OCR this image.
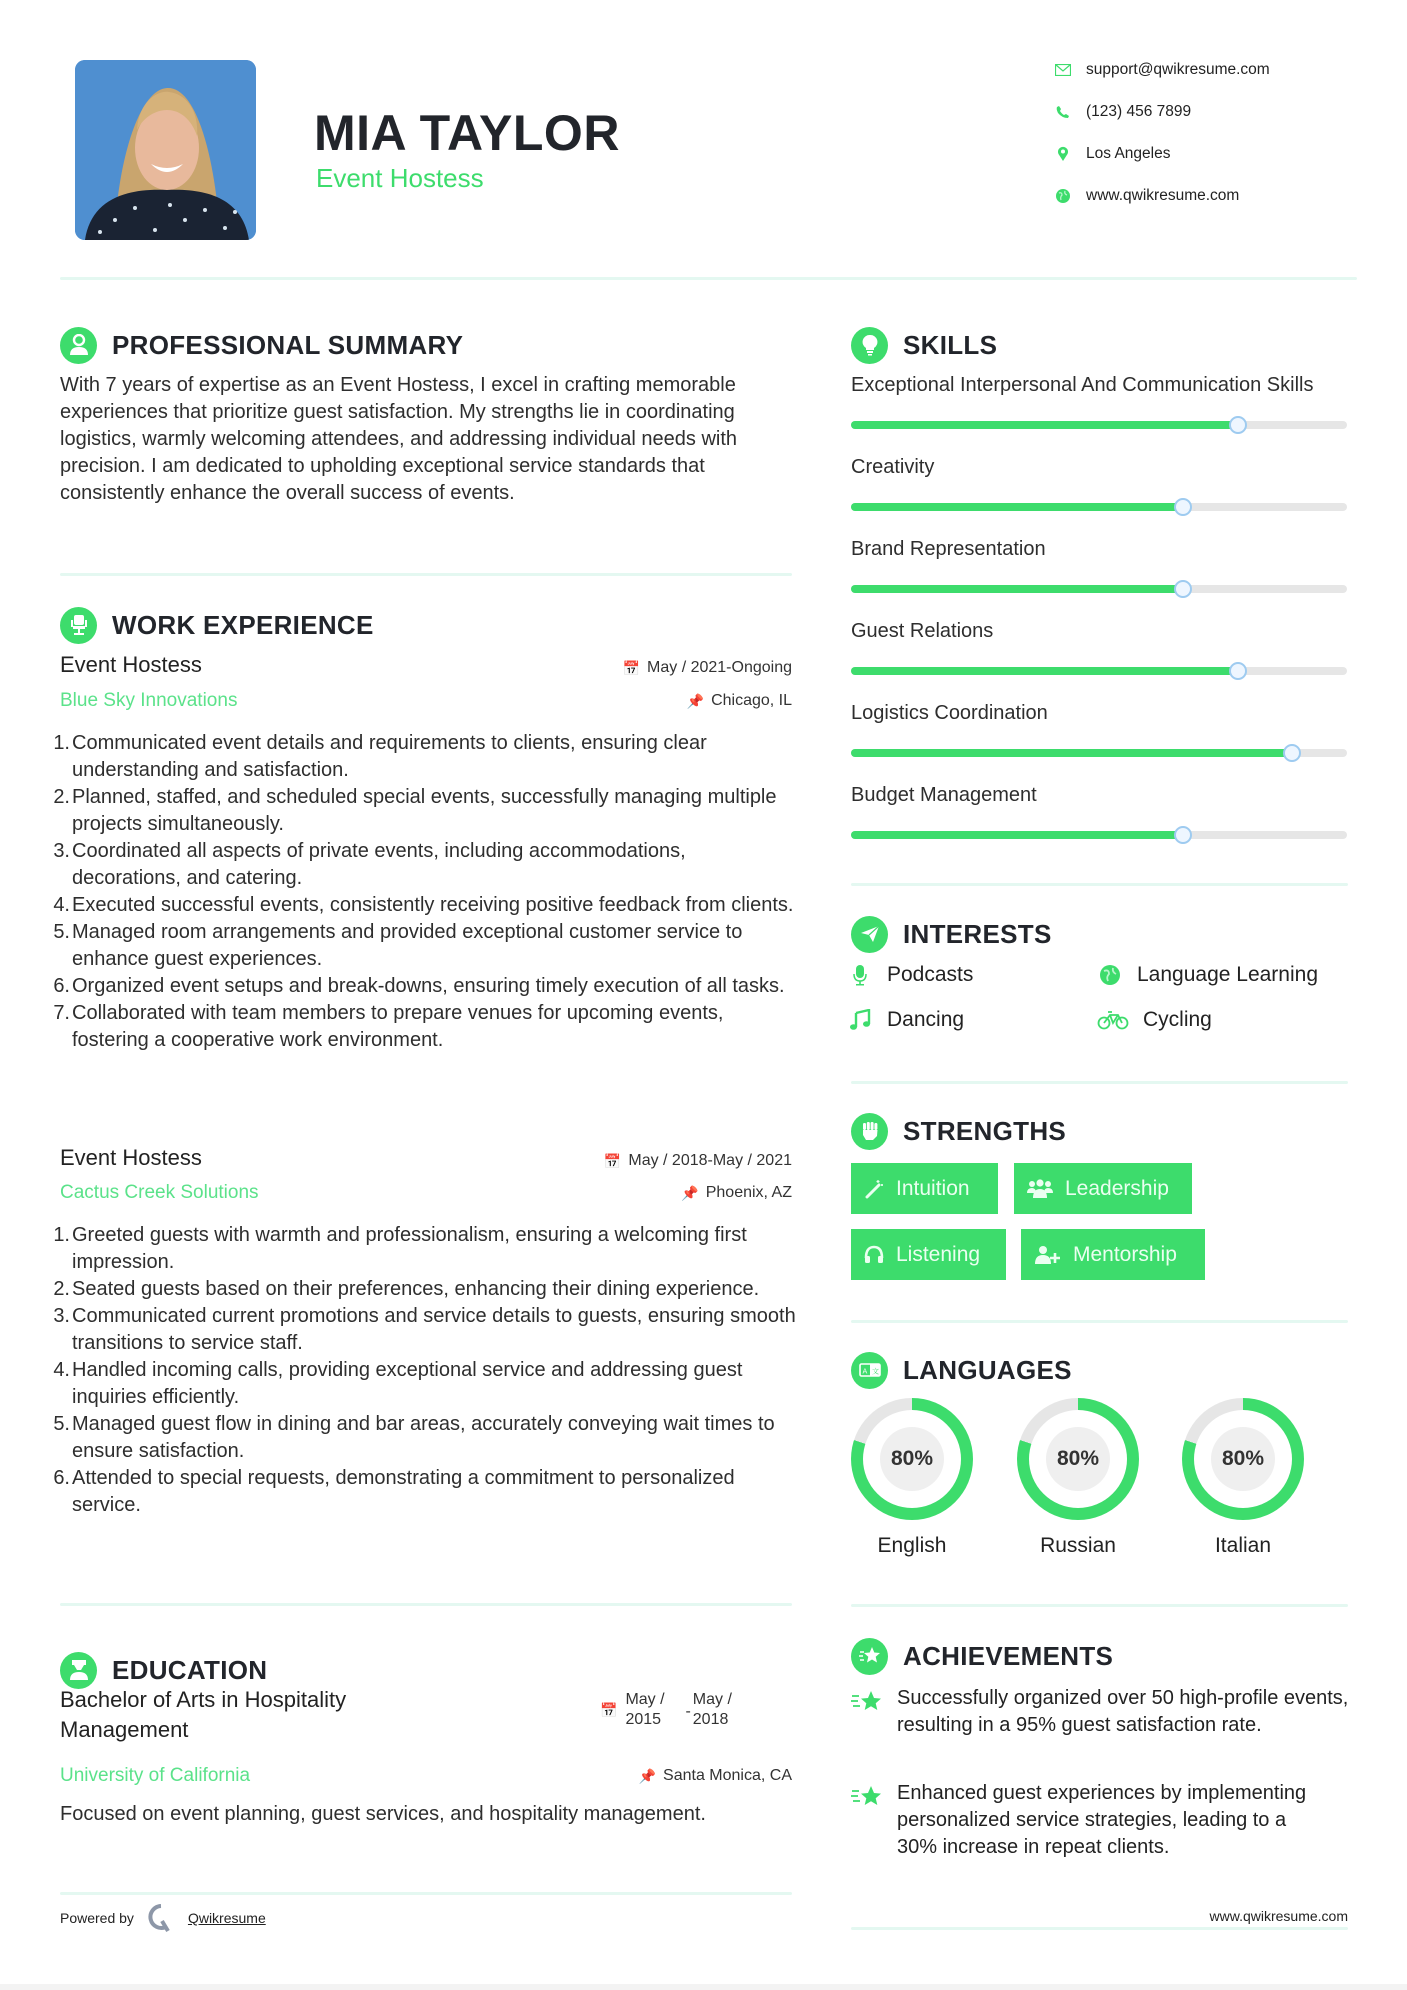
MIA TAYLOR
Event Hostess
support@qwikresume.com
(123) 456 7899
Los Angeles
www.qwikresume.com
PROFESSIONAL SUMMARY

With 7 years of expertise as an Event Hostess, I excel in crafting memorable experiences that prioritize guest satisfaction. My strengths lie in coordinating logistics, warmly welcoming attendees, and addressing individual needs with precision. I am dedicated to upholding exceptional service standards that consistently enhance the overall success of events.

WORK EXPERIENCE
Event Hostess	📅 May / 2021-Ongoing
Blue Sky Innovations	📌 Chicago, IL
1. Communicated event details and requirements to clients, ensuring clear understanding and satisfaction.
2. Planned, staffed, and scheduled special events, successfully managing multiple projects simultaneously.
3. Coordinated all aspects of private events, including accommodations, decorations, and catering.
4. Executed successful events, consistently receiving positive feedback from clients.
5. Managed room arrangements and provided exceptional customer service to enhance guest experiences.
6. Organized event setups and break-downs, ensuring timely execution of all tasks.
7. Collaborated with team members to prepare venues for upcoming events, fostering a cooperative work environment.
Event Hostess	📅 May / 2018-May / 2021
Cactus Creek Solutions	📌 Phoenix, AZ
1. Greeted guests with warmth and professionalism, ensuring a welcoming first impression.
2. Seated guests based on their preferences, enhancing their dining experience.
3. Communicated current promotions and service details to guests, ensuring smooth transitions to service staff.
4. Handled incoming calls, providing exceptional service and addressing guest inquiries efficiently.
5. Managed guest flow in dining and bar areas, accurately conveying wait times to ensure satisfaction.
6. Attended to special requests, demonstrating a commitment to personalized service.
EDUCATION
Bachelor of Arts in Hospitality Management
📅
May /
2015	-
May /
2018
University of California	📌 Santa Monica, CA

Focused on event planning, guest services, and hospitality management.

Powered by	Qwikresume
SKILLS
Exceptional Interpersonal And Communication Skills
Creativity
Brand Representation
Guest Relations
Logistics Coordination
Budget Management
INTERESTS
Podcasts	Language Learning
Dancing	Cycling
STRENGTHS
Intuition	Leadership
Listening	Mentorship
A 文 LANGUAGES
80%
English
80%
Russian
80%
Italian
ACHIEVEMENTS
Successfully organized over 50 high-profile events, resulting in a 95% guest satisfaction rate.
Enhanced guest experiences by implementing personalized service strategies, leading to a 30% increase in repeat clients.
www.qwikresume.com
